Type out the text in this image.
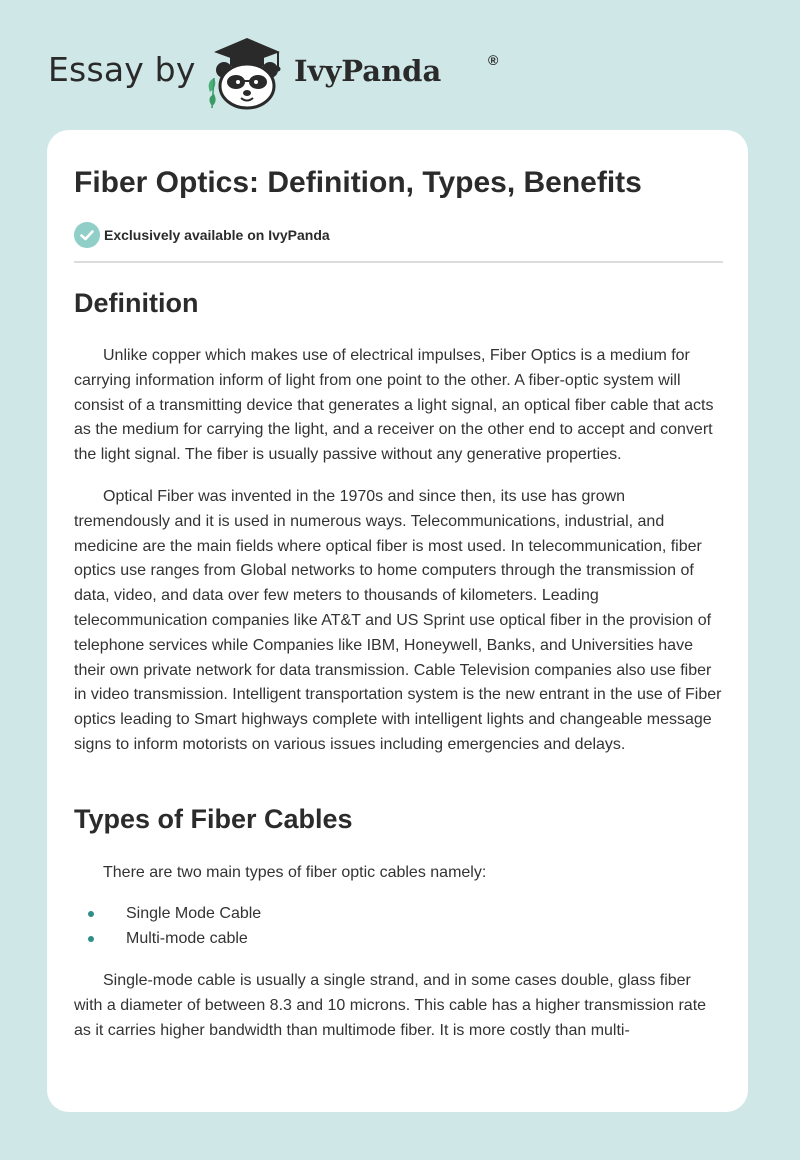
Essay by	IvyPanda	®
Fiber Optics: Definition, Types, Benefits
Exclusively available on IvyPanda
Definition

Unlike copper which makes use of electrical impulses, Fiber Optics is a medium for carrying information inform of light from one point to the other. A fiber-optic system will consist of a transmitting device that generates a light signal, an optical fiber cable that acts as the medium for carrying the light, and a receiver on the other end to accept and convert the light signal. The fiber is usually passive without any generative properties.

Optical Fiber was invented in the 1970s and since then, its use has grown tremendously and it is used in numerous ways. Telecommunications, industrial, and medicine are the main fields where optical fiber is most used. In telecommunication, fiber optics use ranges from Global networks to home computers through the transmission of data, video, and data over few meters to thousands of kilometers. Leading telecommunication companies like AT&T and US Sprint use optical fiber in the provision of telephone services while Companies like IBM, Honeywell, Banks, and Universities have their own private network for data transmission. Cable Television companies also use fiber in video transmission. Intelligent transportation system is the new entrant in the use of Fiber optics leading to Smart highways complete with intelligent lights and changeable message signs to inform motorists on various issues including emergencies and delays.

Types of Fiber Cables

There are two main types of fiber optic cables namely:

Single Mode Cable
Multi-mode cable

Single-mode cable is usually a single strand, and in some cases double, glass fiber with a diameter of between 8.3 and 10 microns. This cable has a higher transmission rate as it carries higher bandwidth than multimode fiber. It is more costly than multi-
